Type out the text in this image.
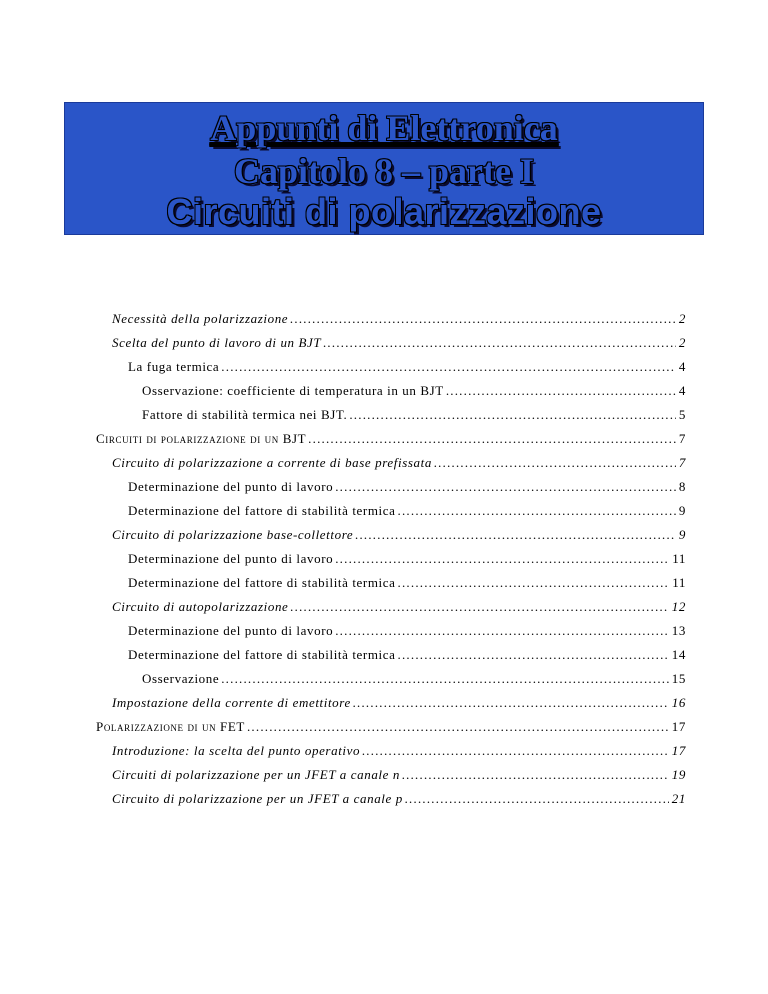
Appunti di Elettronica
Capitolo 8 – parte I
Circuiti di polarizzazione
Necessità della polarizzazione .....	2
Scelta del punto di lavoro di un BJT .....	2
La fuga termica .....	4
Osservazione: coefficiente di temperatura in un BJT .....	4
Fattore di stabilità termica nei BJT. .....	5
Circuiti di polarizzazione di un BJT .....	7
Circuito di polarizzazione a corrente di base prefissata .....	7
Determinazione del punto di lavoro .....	8
Determinazione del fattore di stabilità termica .....	9
Circuito di polarizzazione base-collettore .....	9
Determinazione del punto di lavoro .....	11
Determinazione del fattore di stabilità termica .....	11
Circuito di autopolarizzazione .....	12
Determinazione del punto di lavoro .....	13
Determinazione del fattore di stabilità termica .....	14
Osservazione .....	15
Impostazione della corrente di emettitore .....	16
Polarizzazione di un FET .....	17
Introduzione: la scelta del punto operativo .....	17
Circuiti di polarizzazione per un JFET a canale n .....	19
Circuito di polarizzazione per un JFET a canale p .....	21
